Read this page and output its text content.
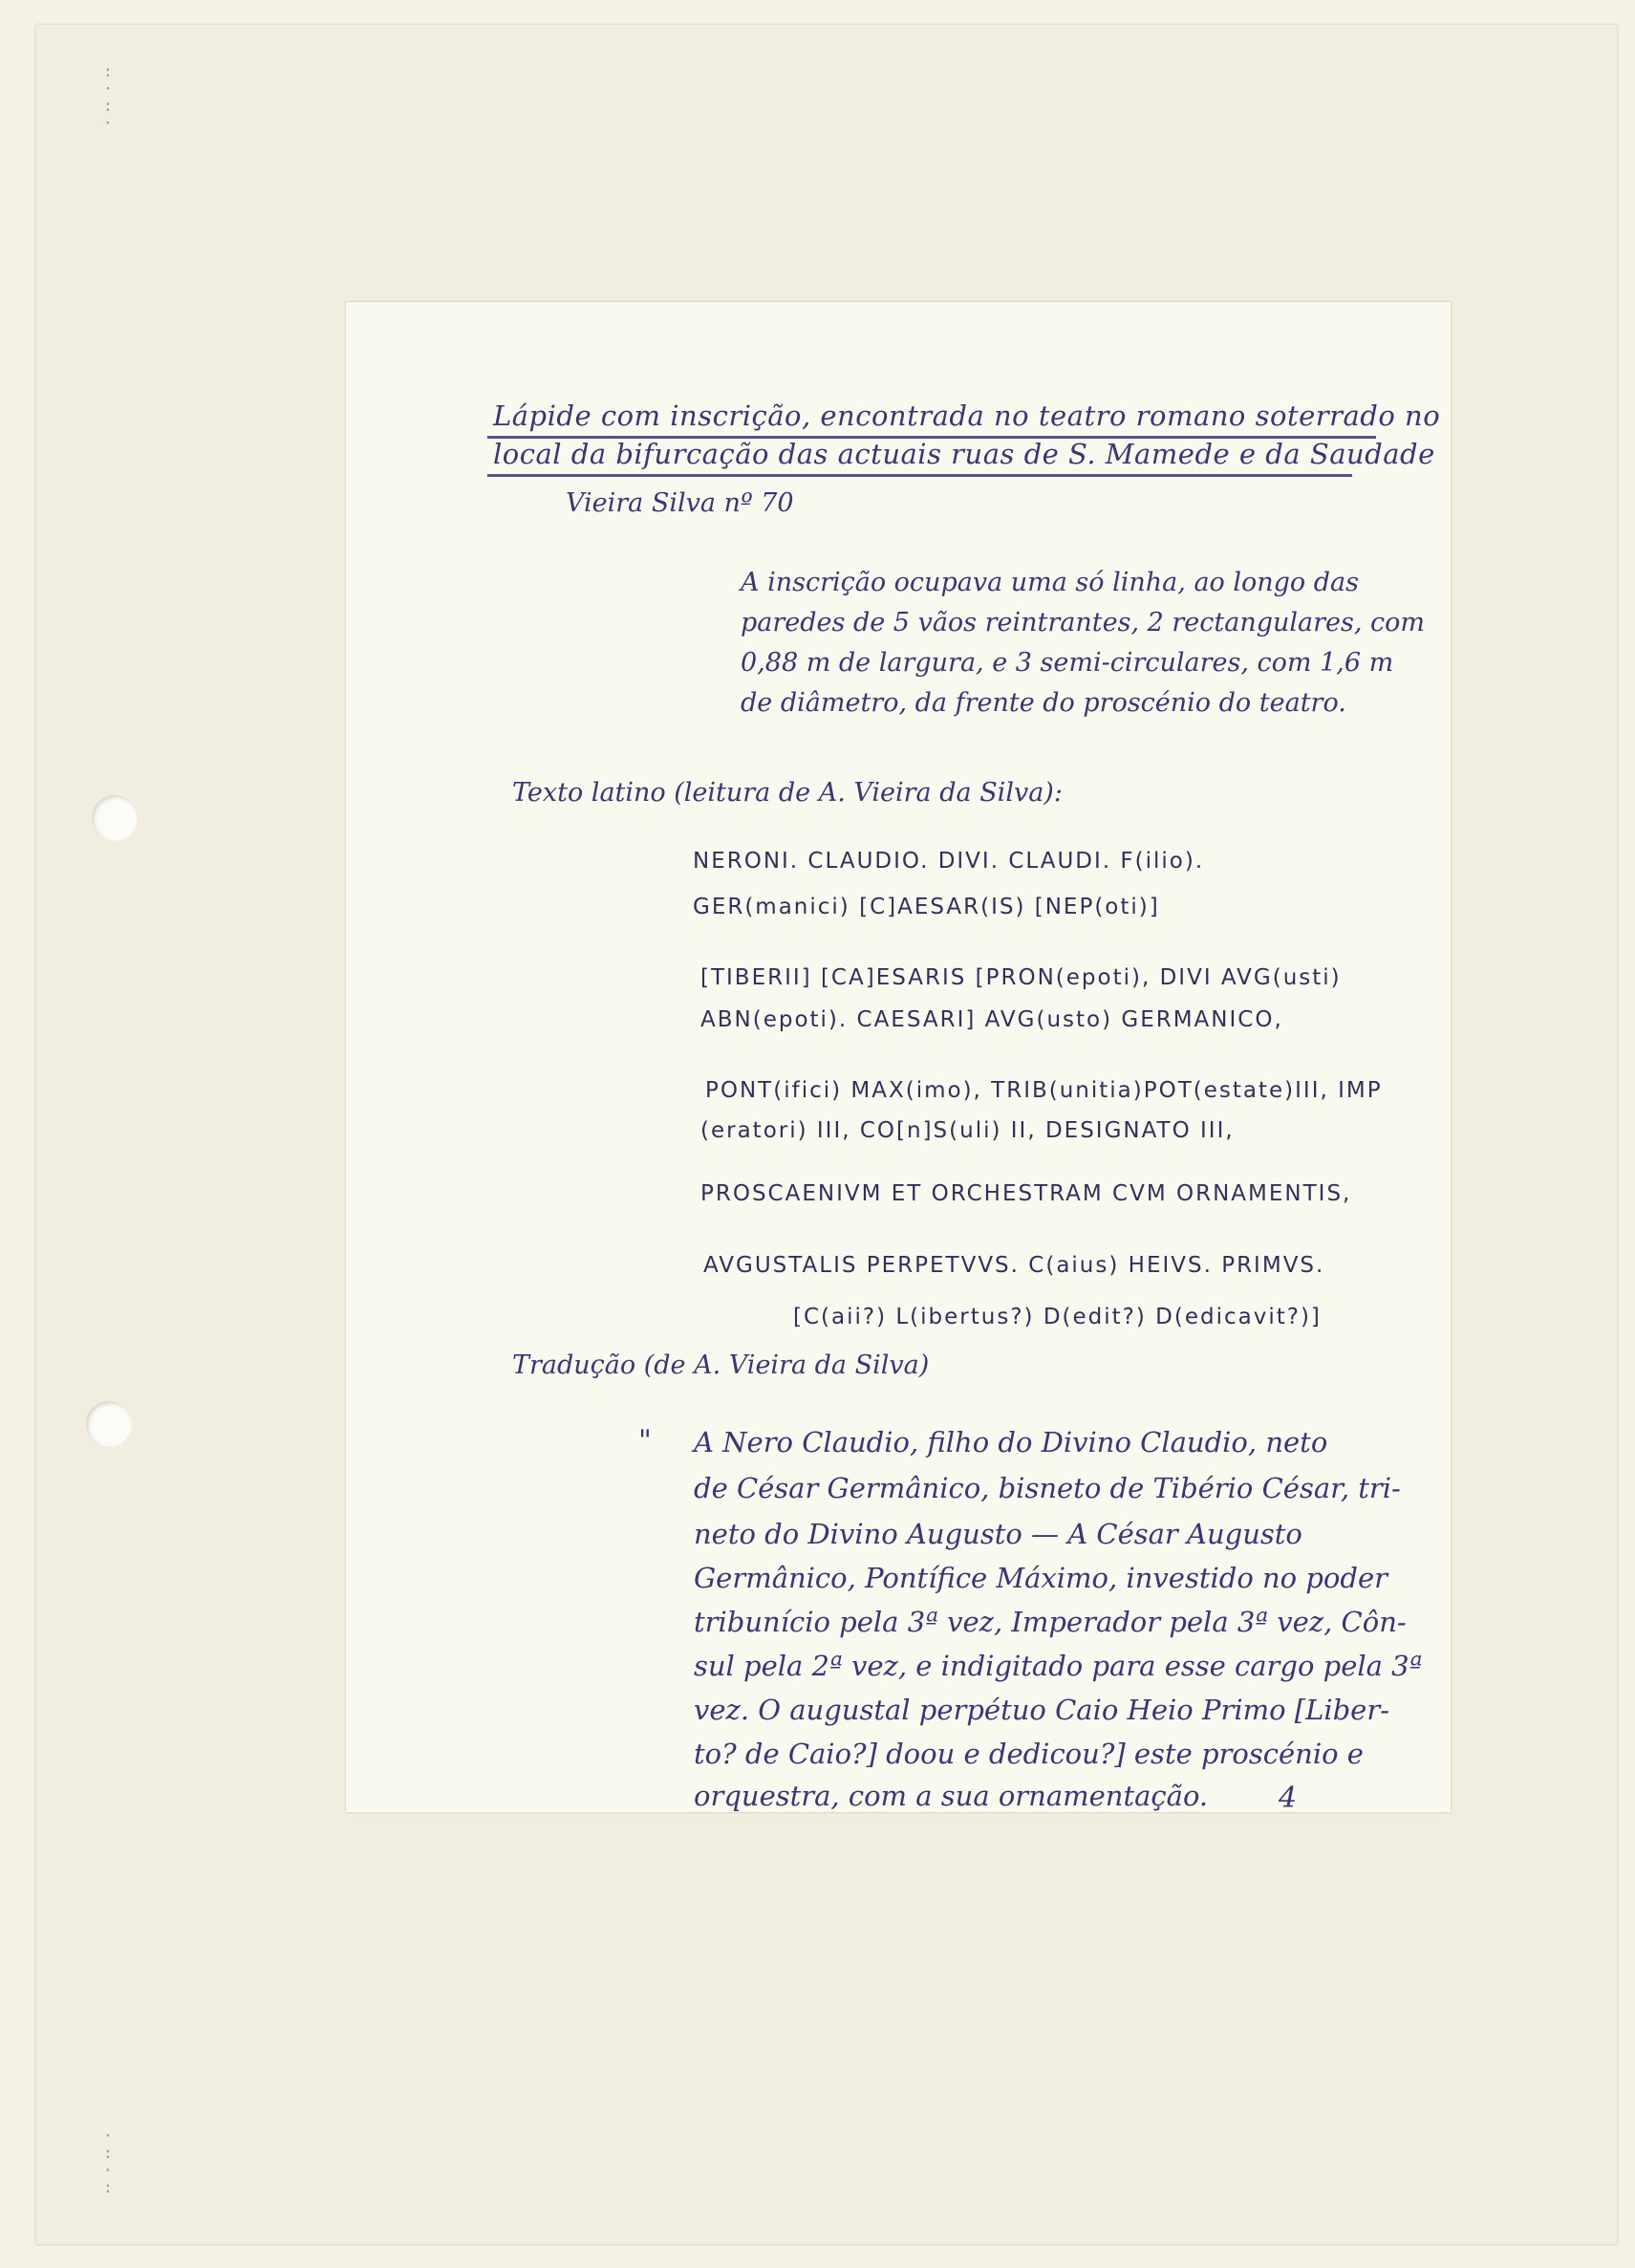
:
·
:
·
·
:
·
:
Lápide com inscrição, encontrada no teatro romano soterrado no
local da bifurcação das actuais ruas de S. Mamede e da Saudade
Vieira Silva nº 70
A inscrição ocupava uma só linha, ao longo das
paredes de 5 vãos reintrantes, 2 rectangulares, com
0,88 m de largura, e 3 semi-circulares, com 1,6 m
de diâmetro, da frente do proscénio do teatro.
Texto latino (leitura de A. Vieira da Silva):
NERONI. CLAUDIO. DIVI. CLAUDI. F(ilio).
GER(manici) [C]AESAR(IS) [NEP(oti)]
[TIBERII] [CA]ESARIS [PRON(epoti), DIVI AVG(usti)
ABN(epoti). CAESARI] AVG(usto) GERMANICO,
PONT(ifici) MAX(imo), TRIB(unitia)POT(estate)III, IMP
(eratori) III, CO[n]S(uli) II, DESIGNATO III,
PROSCAENIVM ET ORCHESTRAM CVM ORNAMENTIS,
AVGUSTALIS PERPETVVS. C(aius) HEIVS. PRIMVS.
[C(aii?) L(ibertus?) D(edit?) D(edicavit?)]
Tradução (de A. Vieira da Silva)
" A Nero Claudio, filho do Divino Claudio, neto
de César Germânico, bisneto de Tibério César, tri-
neto do Divino Augusto — A César Augusto
Germânico, Pontífice Máximo, investido no poder
tribunício pela 3ª vez, Imperador pela 3ª vez, Côn-
sul pela 2ª vez, e indigitado para esse cargo pela 3ª
vez. O augustal perpétuo Caio Heio Primo [Liber-
to? de Caio?] doou e dedicou?] este proscénio e
orquestra, com a sua ornamentação. 4
